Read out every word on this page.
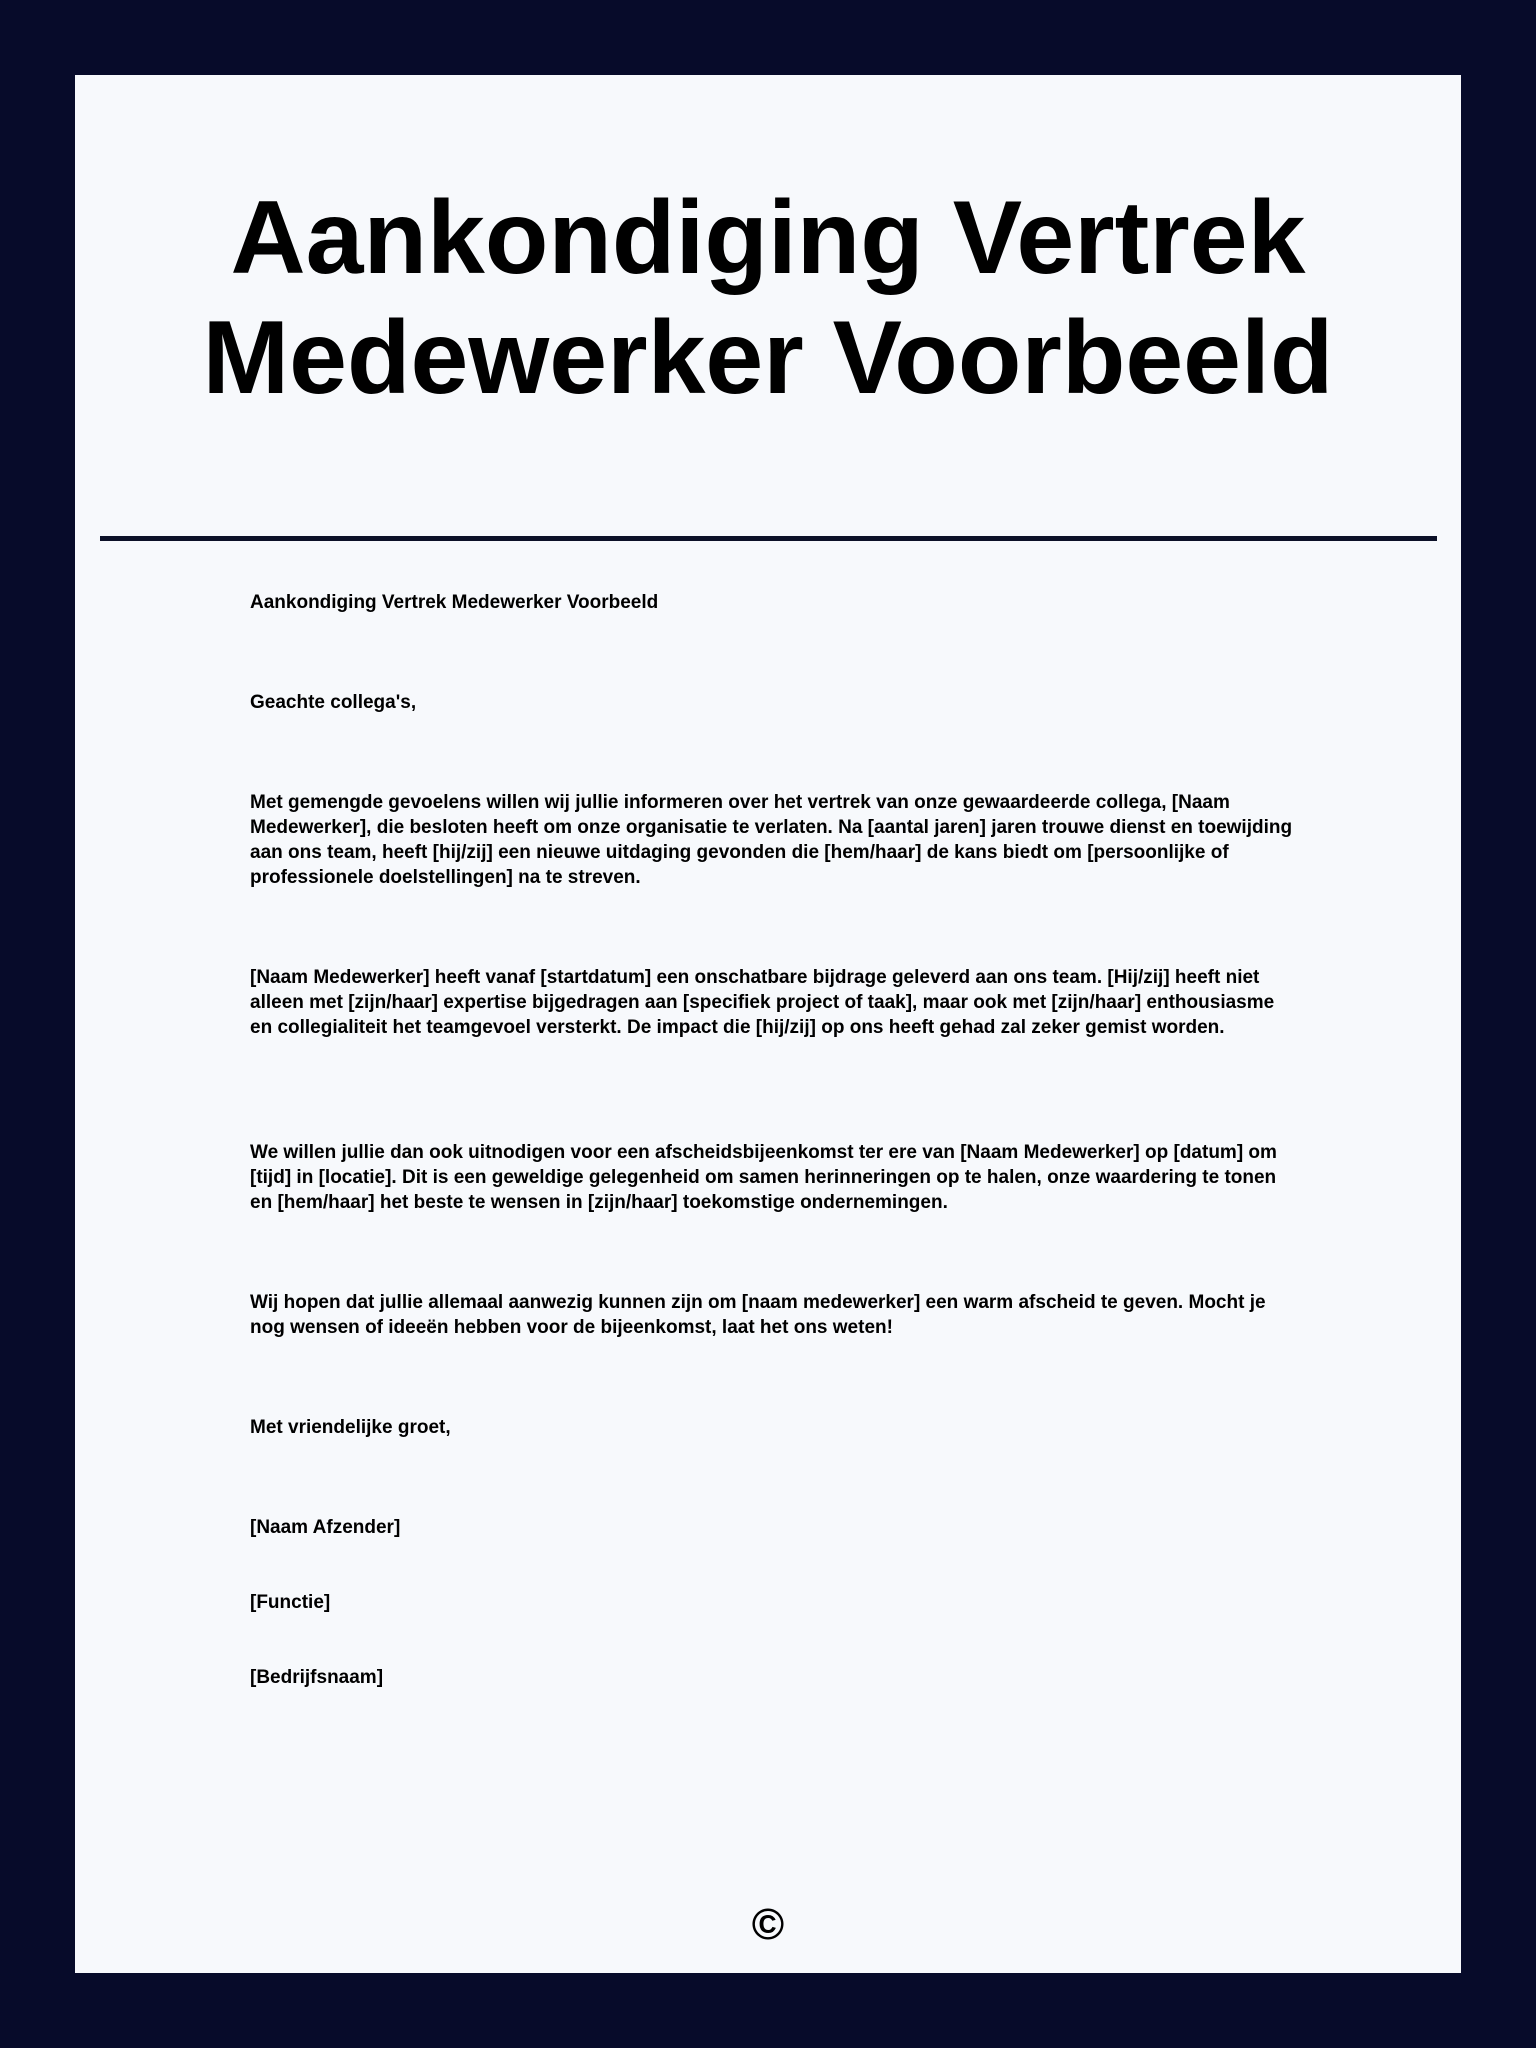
Aankondiging Vertrek
Medewerker Voorbeeld

Aankondiging Vertrek Medewerker Voorbeeld

Geachte collega's,

Met gemengde gevoelens willen wij jullie informeren over het vertrek van onze gewaardeerde collega, [Naam Medewerker], die besloten heeft om onze organisatie te verlaten. Na [aantal jaren] jaren trouwe dienst en toewijding aan ons team, heeft [hij/zij] een nieuwe uitdaging gevonden die [hem/haar] de kans biedt om [persoonlijke of professionele doelstellingen] na te streven.

[Naam Medewerker] heeft vanaf [startdatum] een onschatbare bijdrage geleverd aan ons team. [Hij/zij] heeft niet alleen met [zijn/haar] expertise bijgedragen aan [specifiek project of taak], maar ook met [zijn/haar] enthousiasme en collegialiteit het teamgevoel versterkt. De impact die [hij/zij] op ons heeft gehad zal zeker gemist worden.

We willen jullie dan ook uitnodigen voor een afscheidsbijeenkomst ter ere van [Naam Medewerker] op [datum] om [tijd] in [locatie]. Dit is een geweldige gelegenheid om samen herinneringen op te halen, onze waardering te tonen en [hem/haar] het beste te wensen in [zijn/haar] toekomstige ondernemingen.

Wij hopen dat jullie allemaal aanwezig kunnen zijn om [naam medewerker] een warm afscheid te geven. Mocht je nog wensen of ideeën hebben voor de bijeenkomst, laat het ons weten!

Met vriendelijke groet,

[Naam Afzender]

[Functie]

[Bedrijfsnaam]

©
